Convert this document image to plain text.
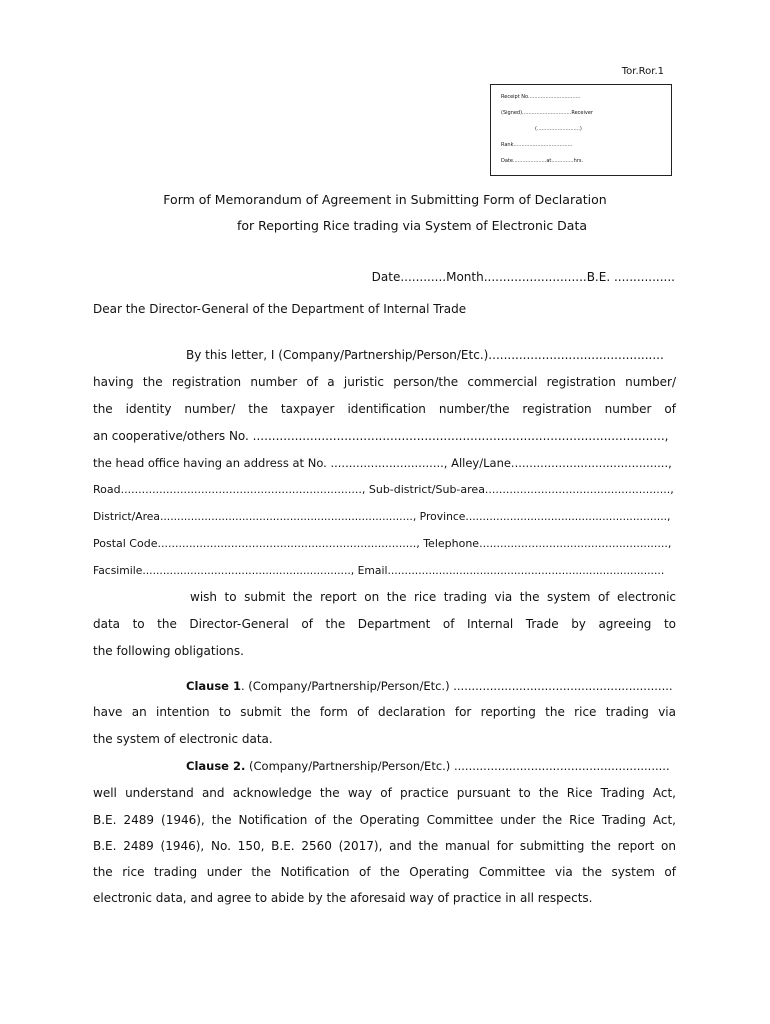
Tor.Ror.1
Receipt No.................................
(Signed)...............................Receiver
(...........................)
Rank.....................................
Date.....................at..............hrs.
Form of Memorandum of Agreement in Submitting Form of Declaration
for Reporting Rice trading via System of Electronic Data
Date............Month...........................B.E. ................
Dear the Director-General of the Department of Internal Trade
By this letter, I (Company/Partnership/Person/Etc.)..............................................
having the registration number of a juristic person/the commercial registration number/
the identity number/ the taxpayer identification number/the registration number of
an cooperative/others No. ............................................................................................................,
the head office having an address at No. ..............................., Alley/Lane...........................................,
Road....................................................................., Sub-district/Sub-area.....................................................,
District/Area.........................................................................., Province...........................................................,
Postal Code.........................................................................., Telephone......................................................,
Facsimile............................................................., Email.................................................................................
wish to submit the report on the rice trading via the system of electronic
data to the Director-General of the Department of Internal Trade by agreeing to
the following obligations.
Clause 1. (Company/Partnership/Person/Etc.) ............................................................
have an intention to submit the form of declaration for reporting the rice trading via
the system of electronic data.
Clause 2. (Company/Partnership/Person/Etc.) ...........................................................
well understand and acknowledge the way of practice pursuant to the Rice Trading Act,
B.E. 2489 (1946), the Notification of the Operating Committee under the Rice Trading Act,
B.E. 2489 (1946), No. 150, B.E. 2560 (2017), and the manual for submitting the report on
the rice trading under the Notification of the Operating Committee via the system of
electronic data, and agree to abide by the aforesaid way of practice in all respects.
